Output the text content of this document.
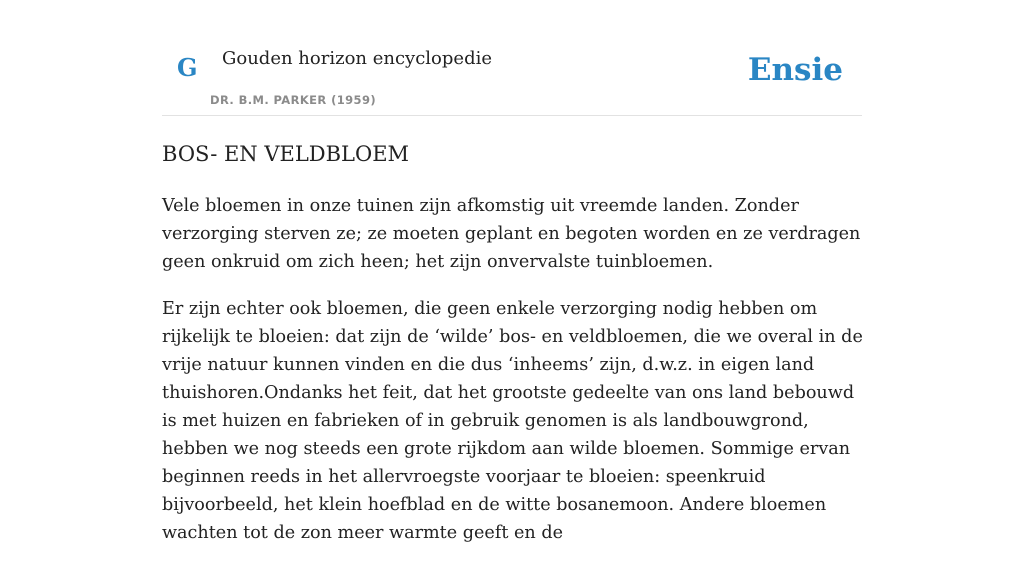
G Gouden horizon encyclopedie
DR. B.M. PARKER (1959)
Ensie
BOS- EN VELDBLOEM

Vele bloemen in onze tuinen zijn afkomstig uit vreemde landen. Zonder verzorging sterven ze; ze moeten geplant en begoten worden en ze verdragen geen onkruid om zich heen; het zijn onvervalste tuinbloemen.

Er zijn echter ook bloemen, die geen enkele verzorging nodig hebben om rijkelijk te bloeien: dat zijn de ‘wilde’ bos- en veldbloemen, die we overal in de vrije natuur kunnen vinden en die dus ‘inheems’ zijn, d.w.z. in eigen land thuishoren.Ondanks het feit, dat het grootste gedeelte van ons land bebouwd is met huizen en fabrieken of in gebruik genomen is als landbouwgrond, hebben we nog steeds een grote rijkdom aan wilde bloemen. Sommige ervan beginnen reeds in het allervroegste voorjaar te bloeien: speenkruid bijvoorbeeld, het klein hoefblad en de witte bosanemoon. Andere bloemen wachten tot de zon meer warmte geeft en de
